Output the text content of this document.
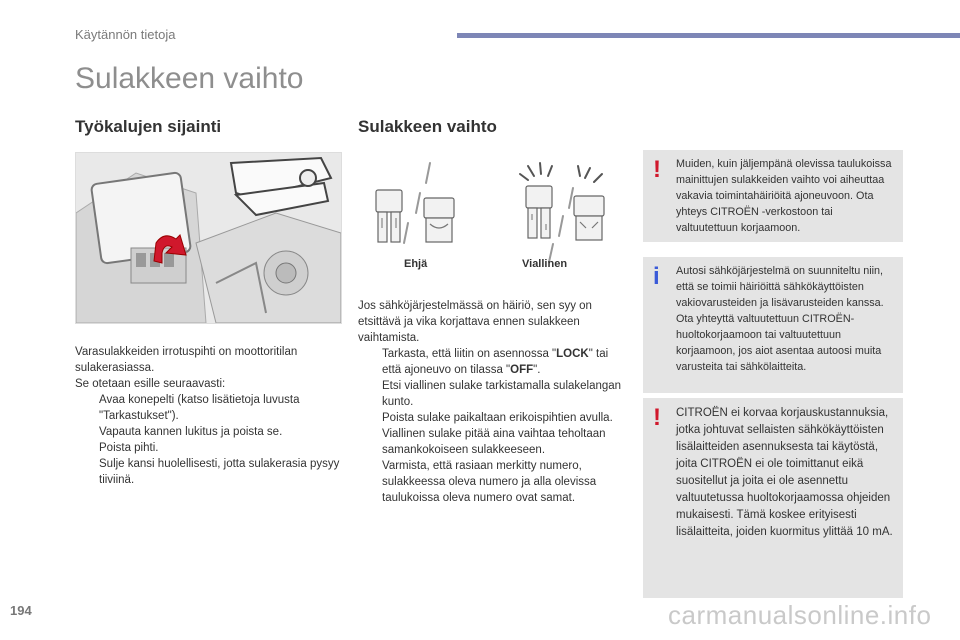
Käytännön tietoja
Sulakkeen vaihto
Työkalujen sijainti	Sulakkeen vaihto
Varasulakkeiden irrotuspihti on moottoritilan sulakerasiassa.
Se otetaan esille seuraavasti:
Avaa konepelti (katso lisätietoja luvusta "Tarkastukset").
Vapauta kannen lukitus ja poista se.
Poista pihti.
Sulje kansi huolellisesti, jotta sulakerasia pysyy tiiviinä.
Ehjä	Viallinen
Jos sähköjärjestelmässä on häiriö, sen syy on etsittävä ja vika korjattava ennen sulakkeen vaihtamista.
Tarkasta, että liitin on asennossa "LOCK" tai että ajoneuvo on tilassa "OFF".
Etsi viallinen sulake tarkistamalla sulakelangan kunto.
Poista sulake paikaltaan erikoispihtien avulla.
Viallinen sulake pitää aina vaihtaa teholtaan samankokoiseen sulakkeeseen.
Varmista, että rasiaan merkitty numero, sulakkeessa oleva numero ja alla olevissa taulukoissa oleva numero ovat samat.
! Muiden, kuin jäljempänä olevissa taulukoissa mainittujen sulakkeiden vaihto voi aiheuttaa vakavia toimintahäiriöitä ajoneuvoon. Ota yhteys CITROËN -verkostoon tai valtuutettuun korjaamoon.
i Autosi sähköjärjestelmä on suunniteltu niin, että se toimii häiriöittä sähkökäyttöisten vakiovarusteiden ja lisävarusteiden kanssa.
Ota yhteyttä valtuutettuun CITROËN-huoltokorjaamoon tai valtuutettuun korjaamoon, jos aiot asentaa autoosi muita varusteita tai sähkölaitteita.
! CITROËN ei korvaa korjauskustannuksia, jotka johtuvat sellaisten sähkökäyttöisten lisälaitteiden asennuksesta tai käytöstä, joita CITROËN ei ole toimittanut eikä suositellut ja joita ei ole asennettu valtuutetussa huoltokorjaamossa ohjeiden mukaisesti. Tämä koskee erityisesti lisälaitteita, joiden kuormitus ylittää 10 mA.
194	carmanualsonline.info
